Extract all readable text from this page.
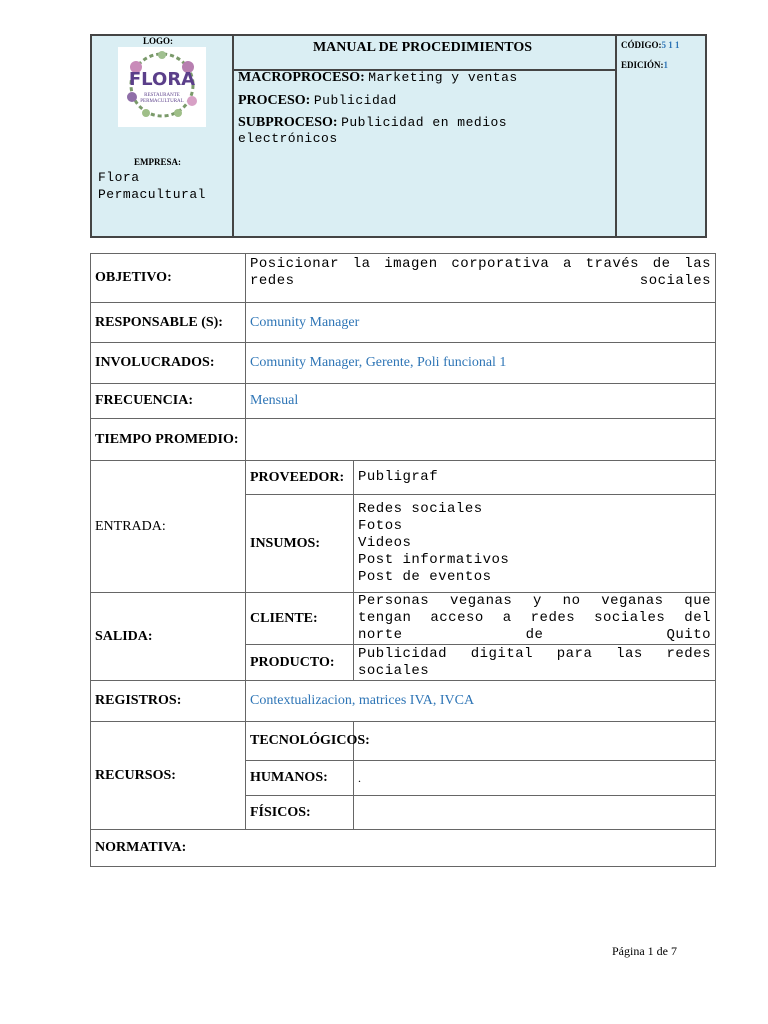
LOGO:
FLORA
RESTAURANTE PERMACULTURAL
EMPRESA:
Flora Permacultural
MANUAL DE PROCEDIMIENTOS
MACROPROCESO: Marketing y ventas
PROCESO: Publicidad
SUBPROCESO: Publicidad en medios electrónicos
CÓDIGO:5 1 1
EDICIÓN:1
OBJETIVO:	Posicionar la imagen corporativa a través de las redes sociales	
RESPONSABLE (S):	Comunity Manager	
INVOLUCRADOS:	Comunity Manager, Gerente, Poli funcional 1	
FRECUENCIA:	Mensual	
TIEMPO PROMEDIO:		
ENTRADA:	PROVEEDOR:	Publigraf
	INSUMOS:	Redes sociales
Fotos
Videos
Post informativos
Post de eventos

SALIDA:	CLIENTE:	Personas veganas y no veganas que tengan acceso a redes sociales del norte de Quito
	PRODUCTO:	Publicidad digital para las redes sociales
REGISTROS:	Contextualizacion, matrices IVA, IVCA	
RECURSOS:	TECNOLÓGICOS:	
	HUMANOS:	.
	FÍSICOS:	
NORMATIVA:		
Página 1 de 7
